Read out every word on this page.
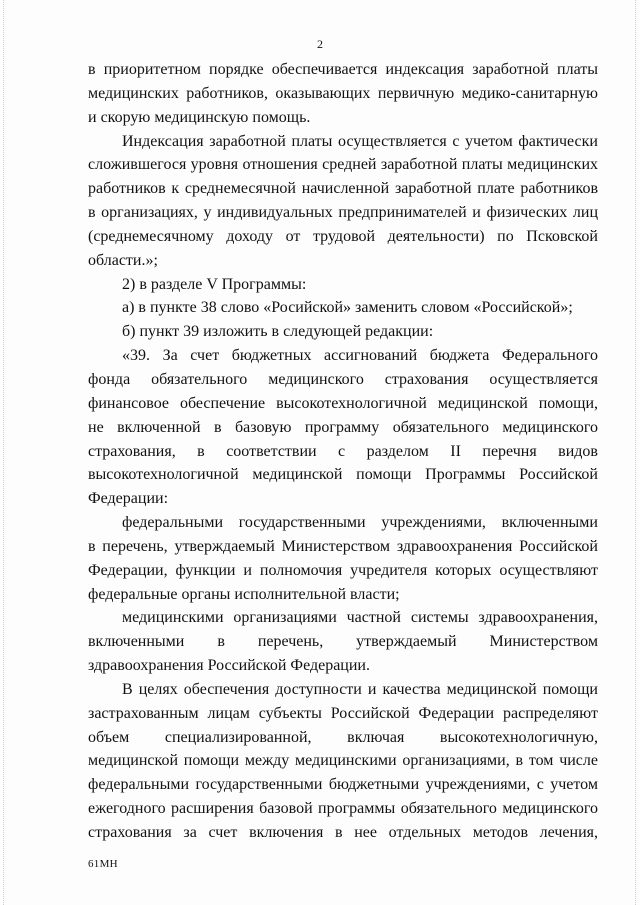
2
в приоритетном порядке обеспечивается индексация заработной платы
медицинских работников, оказывающих первичную медико-санитарную
и скорую медицинскую помощь.
Индексация заработной платы осуществляется с учетом фактически
сложившегося уровня отношения средней заработной платы медицинских
работников к среднемесячной начисленной заработной плате работников
в организациях, у индивидуальных предпринимателей и физических лиц
(среднемесячному доходу от трудовой деятельности) по Псковской
области.»;
2) в разделе V Программы:
а) в пункте 38 слово «Росийской» заменить словом «Российской»;
б) пункт 39 изложить в следующей редакции:
«39. За счет бюджетных ассигнований бюджета Федерального
фонда обязательного медицинского страхования осуществляется
финансовое обеспечение высокотехнологичной медицинской помощи,
не включенной в базовую программу обязательного медицинского
страхования, в соответствии с разделом II перечня видов
высокотехнологичной медицинской помощи Программы Российской
Федерации:
федеральными государственными учреждениями, включенными
в перечень, утверждаемый Министерством здравоохранения Российской
Федерации, функции и полномочия учредителя которых осуществляют
федеральные органы исполнительной власти;
медицинскими организациями частной системы здравоохранения,
включенными в перечень, утверждаемый Министерством
здравоохранения Российской Федерации.
В целях обеспечения доступности и качества медицинской помощи
застрахованным лицам субъекты Российской Федерации распределяют
объем специализированной, включая высокотехнологичную,
медицинской помощи между медицинскими организациями, в том числе
федеральными государственными бюджетными учреждениями, с учетом
ежегодного расширения базовой программы обязательного медицинского
страхования за счет включения в нее отдельных методов лечения,
61МН
